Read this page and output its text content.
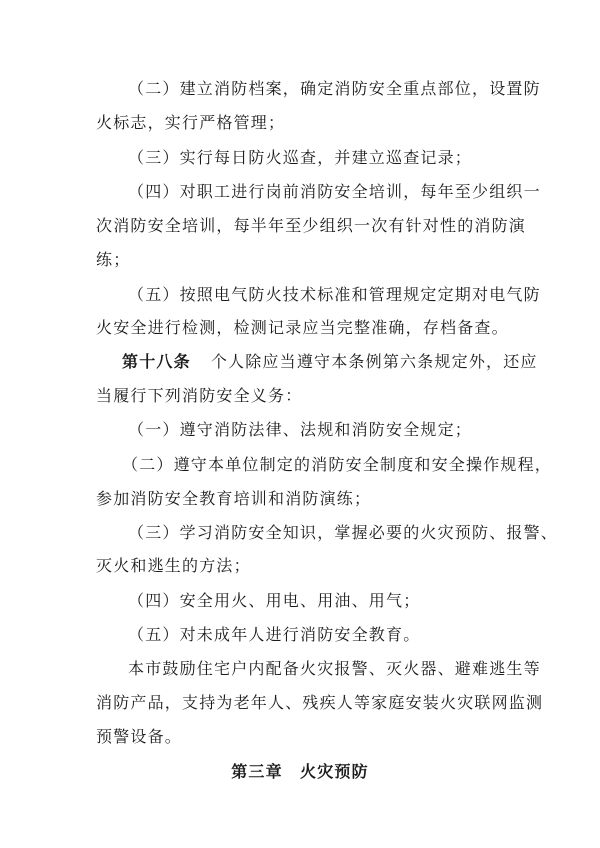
（二）建立消防档案，确定消防安全重点部位，设置防
火标志，实行严格管理；
（三）实行每日防火巡查，并建立巡查记录；
（四）对职工进行岗前消防安全培训，每年至少组织一
次消防安全培训，每半年至少组织一次有针对性的消防演
练；
（五）按照电气防火技术标准和管理规定定期对电气防
火安全进行检测，检测记录应当完整准确，存档备查。
第十八条 个人除应当遵守本条例第六条规定外，还应
当履行下列消防安全义务：
（一）遵守消防法律、法规和消防安全规定；
（二）遵守本单位制定的消防安全制度和安全操作规程，
参加消防安全教育培训和消防演练；
（三）学习消防安全知识，掌握必要的火灾预防、报警、
灭火和逃生的方法；
（四）安全用火、用电、用油、用气；
（五）对未成年人进行消防安全教育。
本市鼓励住宅户内配备火灾报警、灭火器、避难逃生等
消防产品，支持为老年人、残疾人等家庭安装火灾联网监测
预警设备。
第三章　火灾预防
